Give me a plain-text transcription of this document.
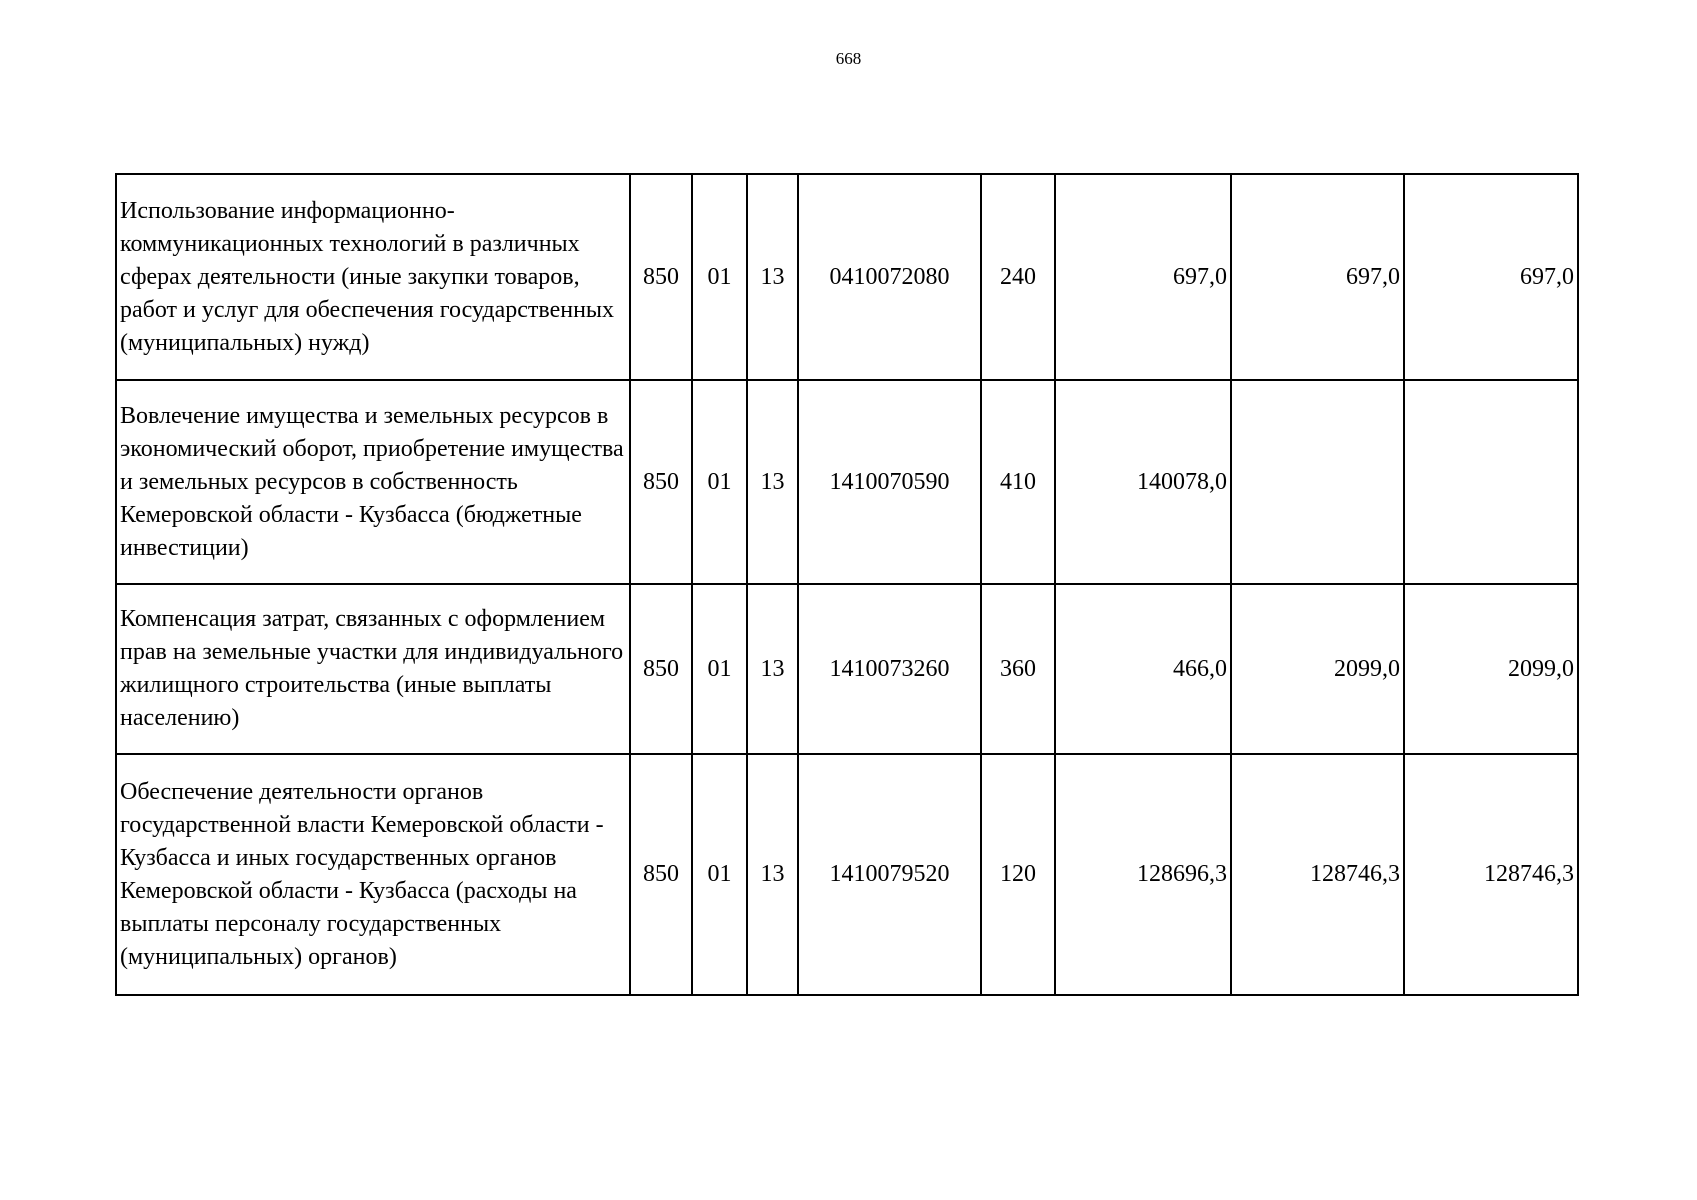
668
Использование информационно-коммуникационных технологий в различных сферах деятельности (иные закупки товаров, работ и услуг для обеспечения государственных (муниципальных) нужд)	850	01	13	0410072080	240	697,0	697,0	697,0
Вовлечение имущества и земельных ресурсов в экономический оборот, приобретение имущества и земельных ресурсов в собственность Кемеровской области - Кузбасса (бюджетные инвестиции)	850	01	13	1410070590	410	140078,0		
Компенсация затрат, связанных с оформлением прав на земельные участки для индивидуального жилищного строительства (иные выплаты населению)	850	01	13	1410073260	360	466,0	2099,0	2099,0
Обеспечение деятельности органов государственной власти Кемеровской области - Кузбасса и иных государственных органов Кемеровской области - Кузбасса (расходы на выплаты персоналу государственных (муниципальных) органов)	850	01	13	1410079520	120	128696,3	128746,3	128746,3
